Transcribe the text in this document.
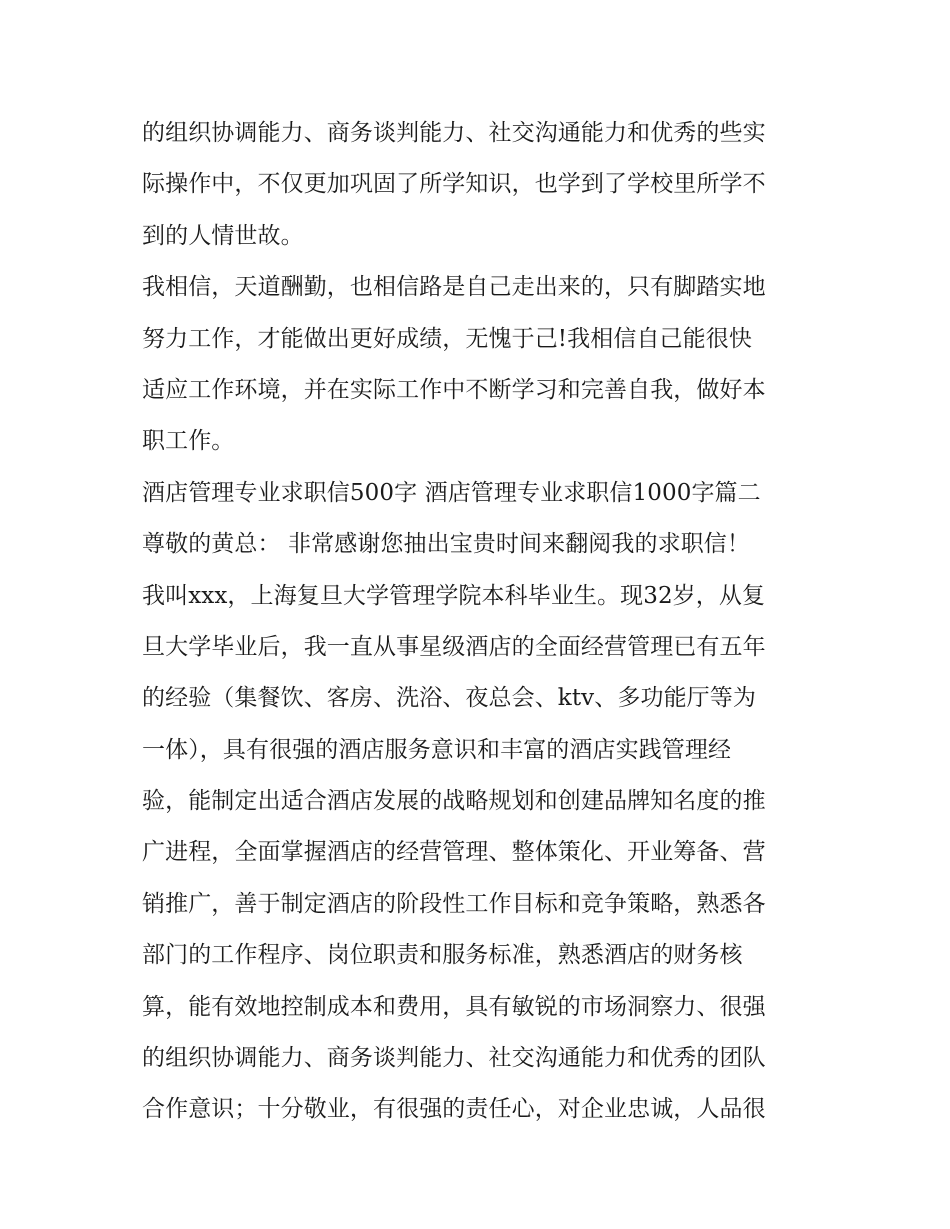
的组织协调能力、商务谈判能力、社交沟通能力和优秀的些实
际操作中，不仅更加巩固了所学知识，也学到了学校里所学不
到的人情世故。
我相信，天道酬勤，也相信路是自己走出来的，只有脚踏实地
努力工作，才能做出更好成绩，无愧于己!我相信自己能很快
适应工作环境，并在实际工作中不断学习和完善自我，做好本
职工作。
酒店管理专业求职信500字 酒店管理专业求职信1000字篇二
尊敬的黄总： 非常感谢您抽出宝贵时间来翻阅我的求职信！
我叫xxx，上海复旦大学管理学院本科毕业生。现32岁，从复
旦大学毕业后，我一直从事星级酒店的全面经营管理已有五年
的经验（集餐饮、客房、洗浴、夜总会、ktv、多功能厅等为
一体），具有很强的酒店服务意识和丰富的酒店实践管理经
验，能制定出适合酒店发展的战略规划和创建品牌知名度的推
广进程，全面掌握酒店的经营管理、整体策化、开业筹备、营
销推广，善于制定酒店的阶段性工作目标和竞争策略，熟悉各
部门的工作程序、岗位职责和服务标准，熟悉酒店的财务核
算，能有效地控制成本和费用，具有敏锐的市场洞察力、很强
的组织协调能力、商务谈判能力、社交沟通能力和优秀的团队
合作意识；十分敬业，有很强的责任心，对企业忠诚，人品很
